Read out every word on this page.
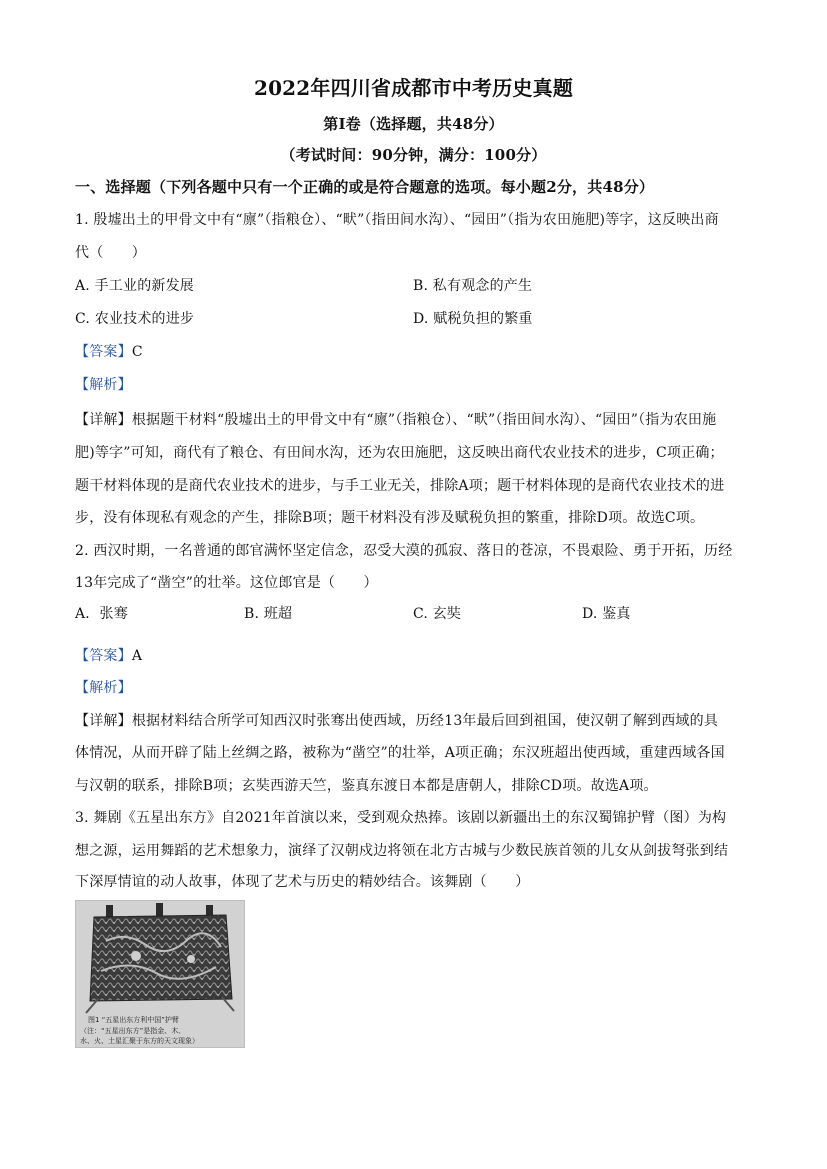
2022年四川省成都市中考历史真题
第Ⅰ卷（选择题，共48分）
（考试时间：90分钟，满分：100分）
一、选择题（下列各题中只有一个正确的或是符合题意的选项。每小题2分，共48分）
1. 殷墟出土的甲骨文中有“廪”（指粮仓）、“畎”（指田间水沟）、“园田”（指为农田施肥)等字，这反映出商
代（　　）
A. 手工业的新发展	B. 私有观念的产生
C. 农业技术的进步	D. 赋税负担的繁重
【答案】C
【解析】
【详解】根据题干材料“殷墟出土的甲骨文中有“廪”（指粮仓）、“畎”（指田间水沟）、“园田”（指为农田施
肥)等字”可知，商代有了粮仓、有田间水沟，还为农田施肥，这反映出商代农业技术的进步，C项正确；
题干材料体现的是商代农业技术的进步，与手工业无关，排除A项；题干材料体现的是商代农业技术的进
步，没有体现私有观念的产生，排除B项；题干材料没有涉及赋税负担的繁重，排除D项。故选C项。
2. 西汉时期，一名普通的郎官满怀坚定信念，忍受大漠的孤寂、落日的苍凉，不畏艰险、勇于开拓，历经
13年完成了“凿空”的壮举。这位郎官是（　　）
A．张骞	B. 班超	C. 玄奘	D. 鉴真
【答案】A
【解析】
【详解】根据材料结合所学可知西汉时张骞出使西域，历经13年最后回到祖国，使汉朝了解到西域的具
体情况，从而开辟了陆上丝绸之路，被称为“凿空”的壮举，A项正确；东汉班超出使西域，重建西域各国
与汉朝的联系，排除B项；玄奘西游天竺，鉴真东渡日本都是唐朝人，排除CD项。故选A项。
3. 舞剧《五星出东方》自2021年首演以来，受到观众热捧。该剧以新疆出土的东汉蜀锦护臂（图）为构
想之源，运用舞蹈的艺术想象力，演绎了汉朝戍边将领在北方古城与少数民族首领的儿女从剑拔弩张到结
下深厚情谊的动人故事，体现了艺术与历史的精妙结合。该舞剧（　　）
图1 “五星出东方利中国”护臂
（注：“五星出东方”是指金、木、
水、火、土星汇聚于东方的天文现象）
